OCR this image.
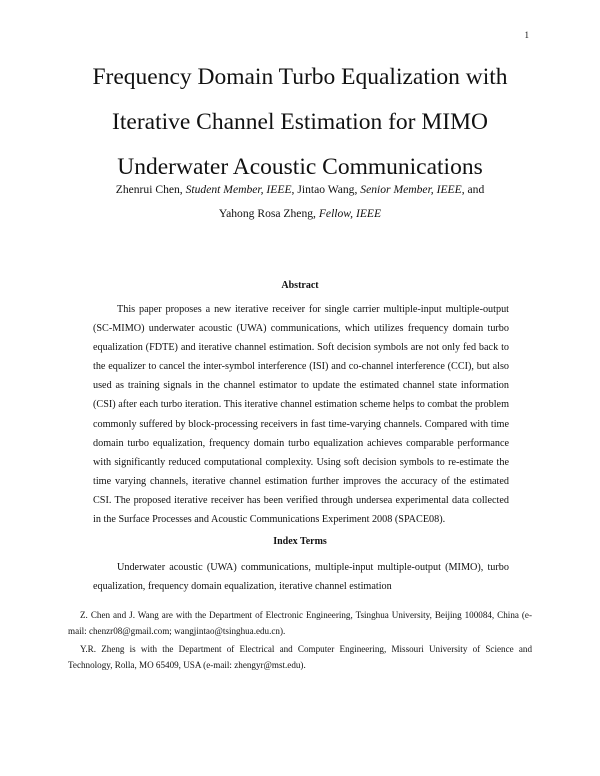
1
Frequency Domain Turbo Equalization with
Iterative Channel Estimation for MIMO
Underwater Acoustic Communications
Zhenrui Chen, Student Member, IEEE, Jintao Wang, Senior Member, IEEE, and
Yahong Rosa Zheng, Fellow, IEEE
Abstract

This paper proposes a new iterative receiver for single carrier multiple-input multiple-output (SC-MIMO) underwater acoustic (UWA) communications, which utilizes frequency domain turbo equalization (FDTE) and iterative channel estimation. Soft decision symbols are not only fed back to the equalizer to cancel the inter-symbol interference (ISI) and co-channel interference (CCI), but also used as training signals in the channel estimator to update the estimated channel state information (CSI) after each turbo iteration. This iterative channel estimation scheme helps to combat the problem commonly suffered by block-processing receivers in fast time-varying channels. Compared with time domain turbo equalization, frequency domain turbo equalization achieves comparable performance with significantly reduced computational complexity. Using soft decision symbols to re-estimate the time varying channels, iterative channel estimation further improves the accuracy of the estimated CSI. The proposed iterative receiver has been verified through undersea experimental data collected in the Surface Processes and Acoustic Communications Experiment 2008 (SPACE08).

Index Terms

Underwater acoustic (UWA) communications, multiple-input multiple-output (MIMO), turbo equalization, frequency domain equalization, iterative channel estimation

Z. Chen and J. Wang are with the Department of Electronic Engineering, Tsinghua University, Beijing 100084, China (e-mail: chenzr08@gmail.com; wangjintao@tsinghua.edu.cn).

Y.R. Zheng is with the Department of Electrical and Computer Engineering, Missouri University of Science and Technology, Rolla, MO 65409, USA (e-mail: zhengyr@mst.edu).
